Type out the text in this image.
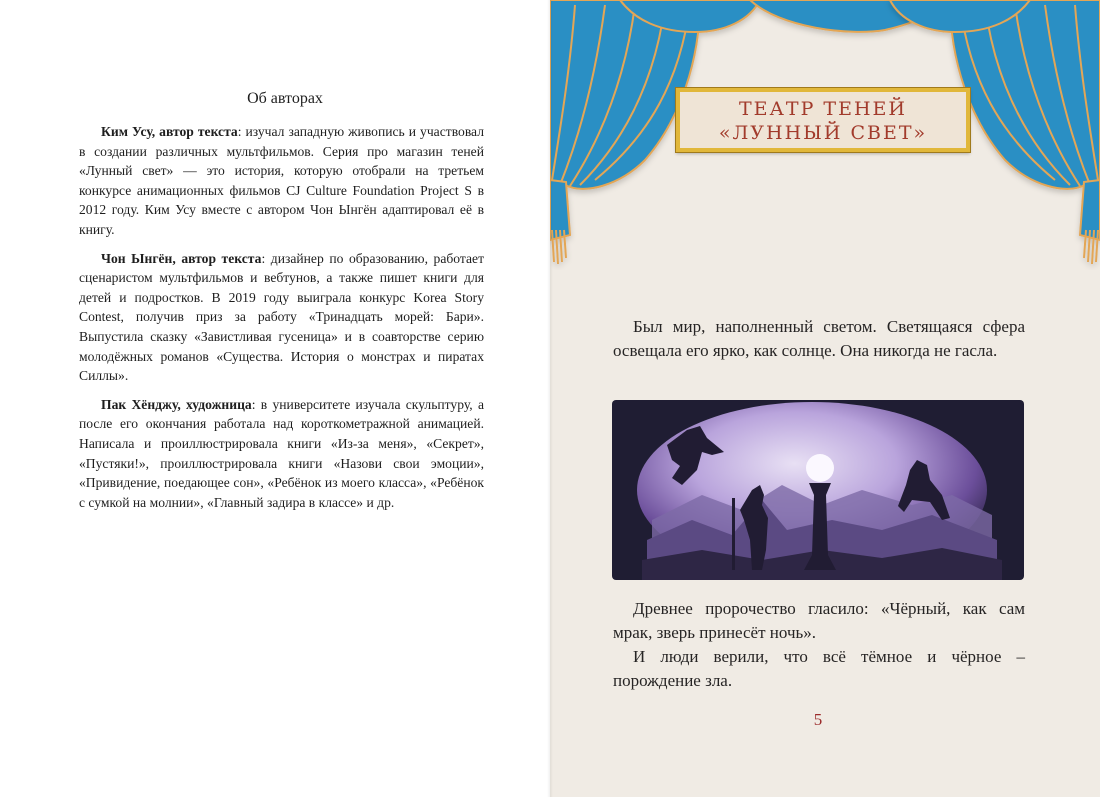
Об авторах

Ким Усу, автор текста: изучал западную живопись и участвовал в создании различных мультфильмов. Серия про магазин теней «Лунный свет» — это история, которую отобрали на третьем конкурсе анимационных фильмов CJ Culture Foundation Project S в 2012 году. Ким Усу вместе с автором Чон Ынгён адаптировал её в книгу.

Чон Ынгён, автор текста: дизайнер по образованию, работает сценаристом мультфильмов и вебтунов, а также пишет книги для детей и подростков. В 2019 году выиграла конкурс Korea Story Contest, получив приз за работу «Тринадцать морей: Бари». Выпустила сказку «Завистливая гусеница» и в соавторстве серию молодёжных романов «Существа. История о монстрах и пиратах Силлы».

Пак Хёнджу, художница: в университете изучала скульптуру, а после его окончания работала над короткометражной анимацией. Написала и проиллюстрировала книги «Из-за меня», «Секрет», «Пустяки!», проиллюстрировала книги «Назови свои эмоции», «Привидение, поедающее сон», «Ребёнок из моего класса», «Ребёнок с сумкой на молнии», «Главный задира в классе» и др.

ТЕАТР ТЕНЕЙ
«ЛУННЫЙ СВЕТ»

Был мир, наполненный светом. Светящаяся сфера освещала его ярко, как солнце. Она никогда не гасла.

Древнее пророчество гласило: «Чёрный, как сам мрак, зверь принесёт ночь».

И люди верили, что всё тёмное и чёрное – порождение зла.

5
